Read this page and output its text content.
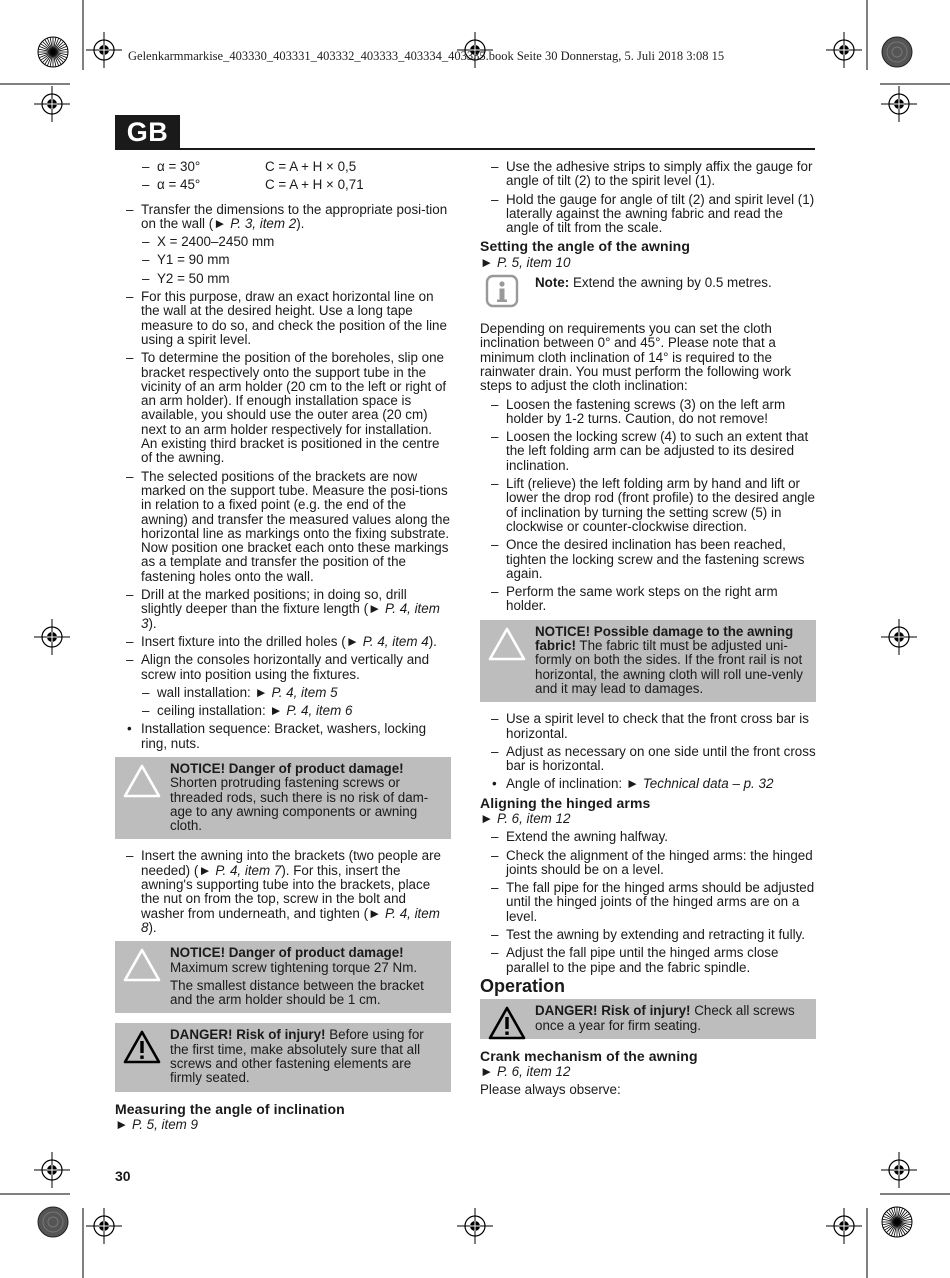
Gelenkarmmarkise_403330_403331_403332_403333_403334_403335.book Seite 30 Donnerstag, 5. Juli 2018 3:08 15
GB
– α = 30°	C = A + H × 0,5
– α = 45°	C = A + H × 0,71
– Transfer the dimensions to the appropriate posi-tion on the wall (► P. 3, item 2).
– X = 2400–2450 mm
– Y1 = 90 mm
– Y2 = 50 mm
– For this purpose, draw an exact horizontal line on the wall at the desired height. Use a long tape measure to do so, and check the position of the line using a spirit level.
– To determine the position of the boreholes, slip one bracket respectively onto the support tube in the vicinity of an arm holder (20 cm to the left or right of an arm holder). If enough installation space is available, you should use the outer area (20 cm) next to an arm holder respectively for installation. An existing third bracket is positioned in the centre of the awning.
– The selected positions of the brackets are now marked on the support tube. Measure the posi-tions in relation to a fixed point (e.g. the end of the awning) and transfer the measured values along the horizontal line as markings onto the fixing substrate. Now position one bracket each onto these markings as a template and transfer the position of the fastening holes onto the wall.
– Drill at the marked positions; in doing so, drill slightly deeper than the fixture length (► P. 4, item 3).
– Insert fixture into the drilled holes (► P. 4, item 4).
– Align the consoles horizontally and vertically and screw into position using the fixtures.
– wall installation: ► P. 4, item 5
– ceiling installation: ► P. 4, item 6
• Installation sequence: Bracket, washers, locking ring, nuts.

NOTICE! Danger of product damage!
Shorten protruding fastening screws or threaded rods, such there is no risk of dam-age to any awning components or awning cloth.

– Insert the awning into the brackets (two people are needed) (► P. 4, item 7). For this, insert the awning's supporting tube into the brackets, place the nut on from the top, screw in the bolt and washer from underneath, and tighten (► P. 4, item 8).

NOTICE! Danger of product damage!
Maximum screw tightening torque 27 Nm.

The smallest distance between the bracket and the arm holder should be 1 cm.

DANGER! Risk of injury! Before using for the first time, make absolutely sure that all screws and other fastening elements are firmly seated.

Measuring the angle of inclination
► P. 5, item 9
– Use the adhesive strips to simply affix the gauge for angle of tilt (2) to the spirit level (1).
– Hold the gauge for angle of tilt (2) and spirit level (1) laterally against the awning fabric and read the angle of tilt from the scale.
Setting the angle of the awning
► P. 5, item 10
Note: Extend the awning by 0.5 metres.
Depending on requirements you can set the cloth inclination between 0° and 45°. Please note that a minimum cloth inclination of 14° is required to the rainwater drain. You must perform the following work steps to adjust the cloth inclination:
– Loosen the fastening screws (3) on the left arm holder by 1-2 turns. Caution, do not remove!
– Loosen the locking screw (4) to such an extent that the left folding arm can be adjusted to its desired inclination.
– Lift (relieve) the left folding arm by hand and lift or lower the drop rod (front profile) to the desired angle of inclination by turning the setting screw (5) in clockwise or counter-clockwise direction.
– Once the desired inclination has been reached, tighten the locking screw and the fastening screws again.
– Perform the same work steps on the right arm holder.

NOTICE! Possible damage to the awning fabric! The fabric tilt must be adjusted uni-formly on both the sides. If the front rail is not horizontal, the awning cloth will roll une-venly and it may lead to damages.

– Use a spirit level to check that the front cross bar is horizontal.
– Adjust as necessary on one side until the front cross bar is horizontal.
• Angle of inclination: ► Technical data – p. 32
Aligning the hinged arms
► P. 6, item 12
– Extend the awning halfway.
– Check the alignment of the hinged arms: the hinged joints should be on a level.
– The fall pipe for the hinged arms should be adjusted until the hinged joints of the hinged arms are on a level.
– Test the awning by extending and retracting it fully.
– Adjust the fall pipe until the hinged arms close parallel to the pipe and the fabric spindle.
Operation

DANGER! Risk of injury! Check all screws once a year for firm seating.

Crank mechanism of the awning
► P. 6, item 12
Please always observe:
30
